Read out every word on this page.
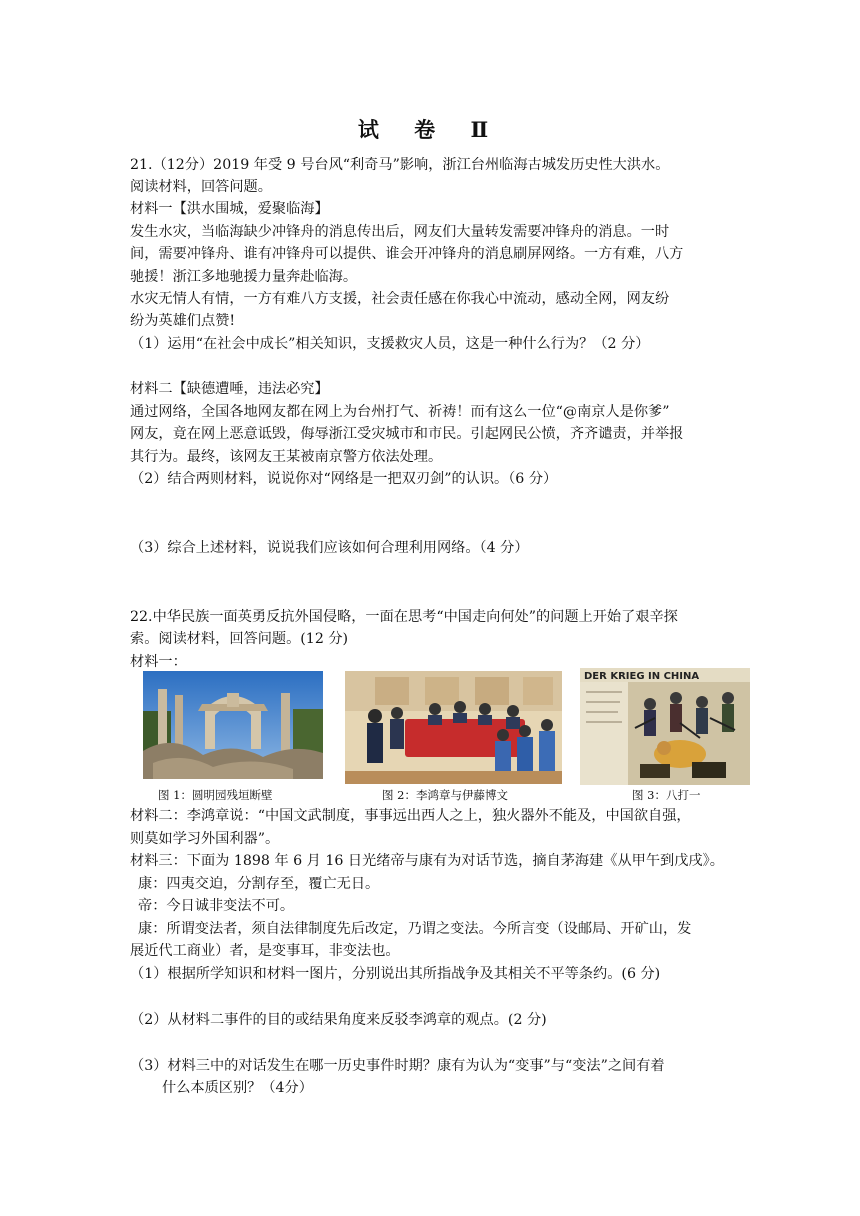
试 卷 Ⅱ
21.（12分）2019 年受 9 号台风“利奇马”影响，浙江台州临海古城发历史性大洪水。
阅读材料，回答问题。
材料一【洪水围城，爱聚临海】
发生水灾，当临海缺少冲锋舟的消息传出后，网友们大量转发需要冲锋舟的消息。一时
间，需要冲锋舟、谁有冲锋舟可以提供、谁会开冲锋舟的消息刷屏网络。一方有难，八方
驰援！浙江多地驰援力量奔赴临海。
水灾无情人有情，一方有难八方支援，社会责任感在你我心中流动，感动全网，网友纷
纷为英雄们点赞!
（1）运用“在社会中成长”相关知识，支援救灾人员，这是一种什么行为？（2 分）
材料二【缺德遭唾，违法必究】
通过网络，全国各地网友都在网上为台州打气、祈祷！而有这么一位“@南京人是你爹”
网友，竟在网上恶意诋毁，侮辱浙江受灾城市和市民。引起网民公愤，齐齐谴责，并举报
其行为。最终，该网友王某被南京警方依法处理。
（2）结合两则材料，说说你对“网络是一把双刃剑”的认识。（6 分）
（3）综合上述材料，说说我们应该如何合理利用网络。（4 分）
22.中华民族一面英勇反抗外国侵略，一面在思考“中国走向何处”的问题上开始了艰辛探
索。阅读材料，回答问题。(12 分)
材料一：
DER KRIEG IN CHINA
图 1：圆明园残垣断壁	图 2：李鸿章与伊藤博文	图 3：八打一
材料二：李鸿章说：“中国文武制度，事事远出西人之上，独火器外不能及，中国欲自强，
则莫如学习外国利器”。
材料三：下面为 1898 年 6 月 16 日光绪帝与康有为对话节选，摘自茅海建《从甲午到戊戌》。
康：四夷交迫，分割存至，覆亡无日。
帝：今日诚非变法不可。
康：所谓变法者，须自法律制度先后改定，乃谓之变法。今所言变（设邮局、开矿山，发
展近代工商业）者，是变事耳，非变法也。
（1）根据所学知识和材料一图片，分别说出其所指战争及其相关不平等条约。(6 分)
（2）从材料二事件的目的或结果角度来反驳李鸿章的观点。(2 分)
（3）材料三中的对话发生在哪一历史事件时期？康有为认为“变事”与“变法”之间有着
什么本质区别？（4分）
